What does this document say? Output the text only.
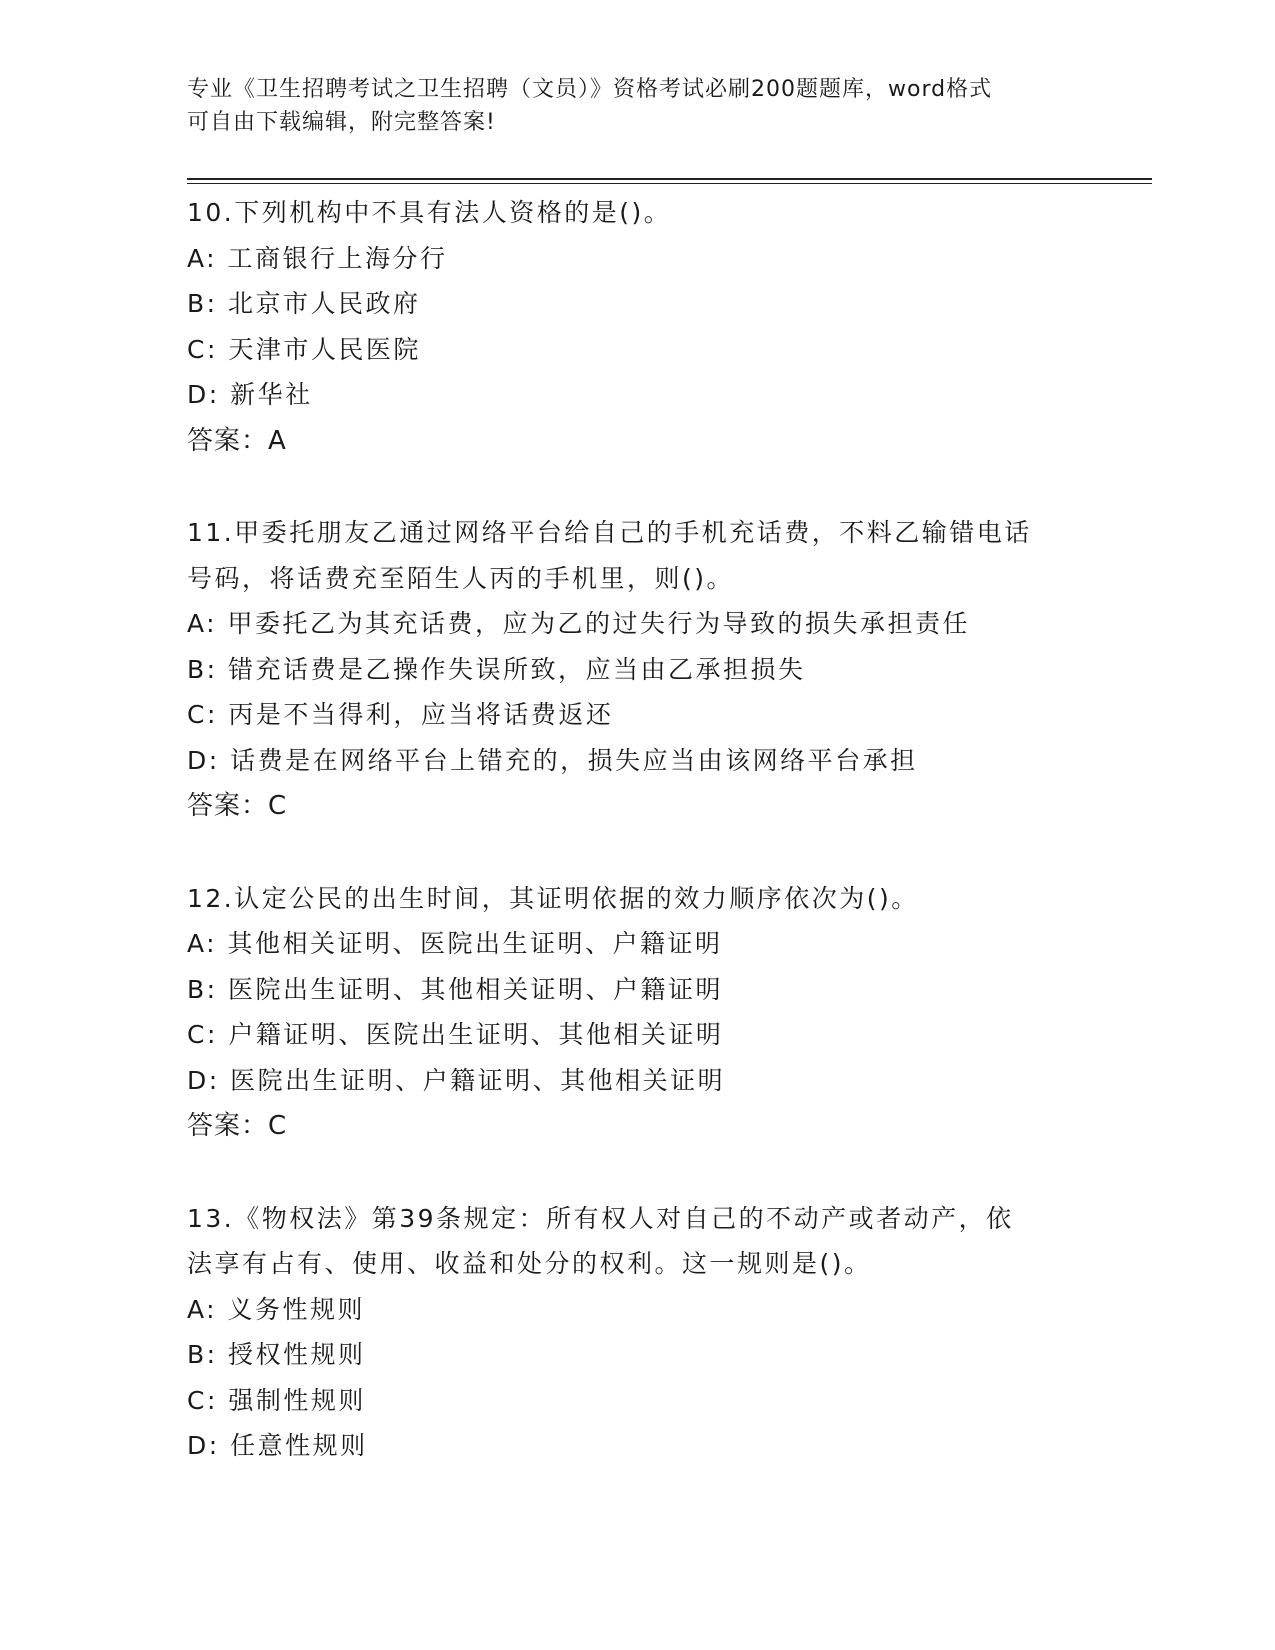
专业《卫生招聘考试之卫生招聘（文员）》资格考试必刷200题题库，word格式
可自由下载编辑，附完整答案!
10.下列机构中不具有法人资格的是()。
A: 工商银行上海分行
B: 北京市人民政府
C: 天津市人民医院
D: 新华社
答案：A
11.甲委托朋友乙通过网络平台给自己的手机充话费，不料乙输错电话
号码，将话费充至陌生人丙的手机里，则()。
A: 甲委托乙为其充话费，应为乙的过失行为导致的损失承担责任
B: 错充话费是乙操作失误所致，应当由乙承担损失
C: 丙是不当得利，应当将话费返还
D: 话费是在网络平台上错充的，损失应当由该网络平台承担
答案：C
12.认定公民的出生时间，其证明依据的效力顺序依次为()。
A: 其他相关证明、医院出生证明、户籍证明
B: 医院出生证明、其他相关证明、户籍证明
C: 户籍证明、医院出生证明、其他相关证明
D: 医院出生证明、户籍证明、其他相关证明
答案：C
13.《物权法》第39条规定：所有权人对自己的不动产或者动产，依
法享有占有、使用、收益和处分的权利。这一规则是()。
A: 义务性规则
B: 授权性规则
C: 强制性规则
D: 任意性规则
